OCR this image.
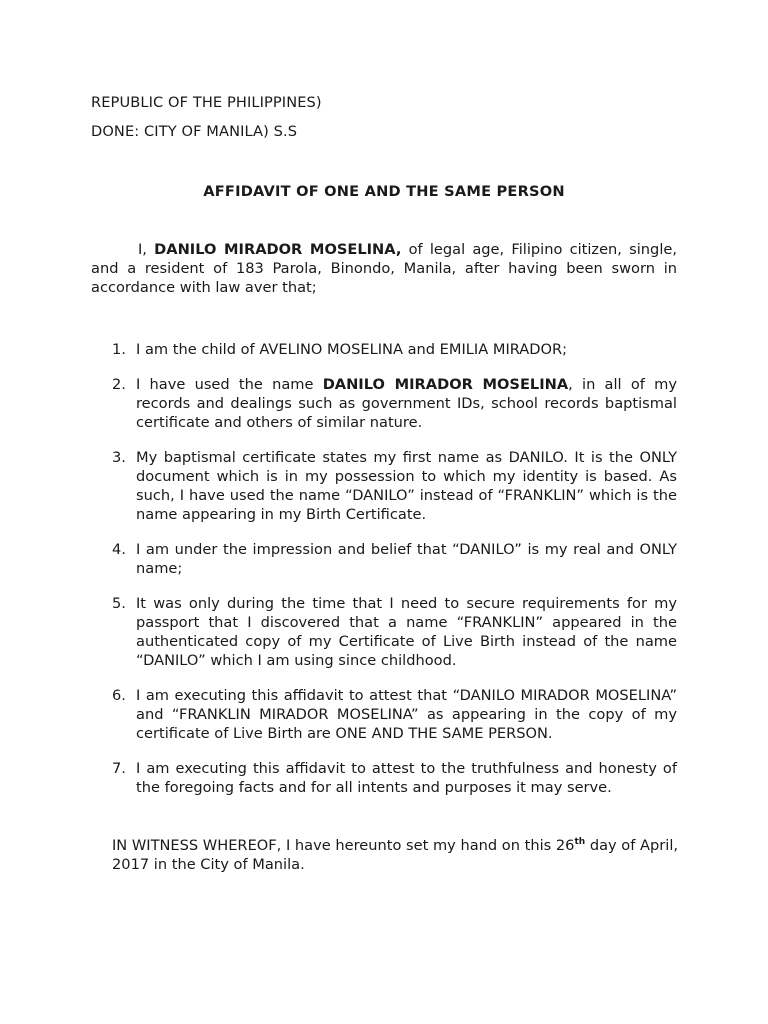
REPUBLIC OF THE PHILIPPINES)
DONE: CITY OF MANILA) S.S
AFFIDAVIT OF ONE AND THE SAME PERSON

I, DANILO MIRADOR MOSELINA, of legal age, Filipino citizen, single, and a resident of 183 Parola, Binondo, Manila, after having been sworn in accordance with law aver that;

1. I am the child of AVELINO MOSELINA and EMILIA MIRADOR;
2. I have used the name DANILO MIRADOR MOSELINA, in all of my records and dealings such as government IDs, school records baptismal certificate and others of similar nature.
3. My baptismal certificate states my first name as DANILO. It is the ONLY document which is in my possession to which my identity is based. As such, I have used the name “DANILO” instead of “FRANKLIN” which is the name appearing in my Birth Certificate.
4. I am under the impression and belief that “DANILO” is my real and ONLY name;
5. It was only during the time that I need to secure requirements for my passport that I discovered that a name “FRANKLIN” appeared in the authenticated copy of my Certificate of Live Birth instead of the name “DANILO” which I am using since childhood.
6. I am executing this affidavit to attest that “DANILO MIRADOR MOSELINA” and “FRANKLIN MIRADOR MOSELINA” as appearing in the copy of my certificate of Live Birth are ONE AND THE SAME PERSON.
7. I am executing this affidavit to attest to the truthfulness and honesty of the foregoing facts and for all intents and purposes it may serve.

IN WITNESS WHEREOF, I have hereunto set my hand on this 26th day of April, 2017 in the City of Manila.
